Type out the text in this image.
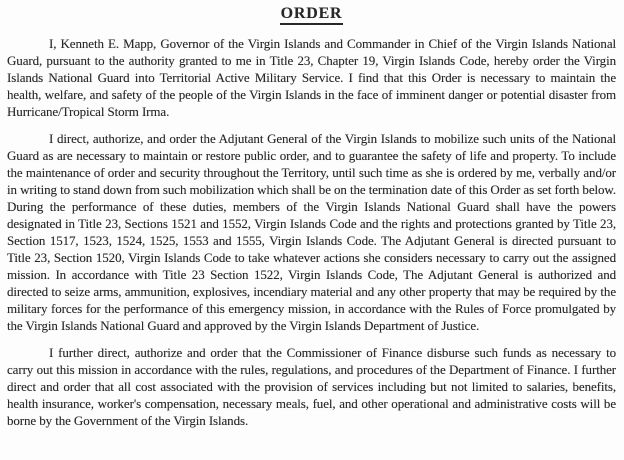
ORDER

I, Kenneth E. Mapp, Governor of the Virgin Islands and Commander in Chief of the Virgin Islands National Guard, pursuant to the authority granted to me in Title 23, Chapter 19, Virgin Islands Code, hereby order the Virgin Islands National Guard into Territorial Active Military Service. I find that this Order is necessary to maintain the health, welfare, and safety of the people of the Virgin Islands in the face of imminent danger or potential disaster from Hurricane/Tropical Storm Irma.

I direct, authorize, and order the Adjutant General of the Virgin Islands to mobilize such units of the National Guard as are necessary to maintain or restore public order, and to guarantee the safety of life and property. To include the maintenance of order and security throughout the Territory, until such time as she is ordered by me, verbally and/or in writing to stand down from such mobilization which shall be on the termination date of this Order as set forth below. During the performance of these duties, members of the Virgin Islands National Guard shall have the powers designated in Title 23, Sections 1521 and 1552, Virgin Islands Code and the rights and protections granted by Title 23, Section 1517, 1523, 1524, 1525, 1553 and 1555, Virgin Islands Code. The Adjutant General is directed pursuant to Title 23, Section 1520, Virgin Islands Code to take whatever actions she considers necessary to carry out the assigned mission. In accordance with Title 23 Section 1522, Virgin Islands Code, The Adjutant General is authorized and directed to seize arms, ammunition, explosives, incendiary material and any other property that may be required by the military forces for the performance of this emergency mission, in accordance with the Rules of Force promulgated by the Virgin Islands National Guard and approved by the Virgin Islands Department of Justice.

I further direct, authorize and order that the Commissioner of Finance disburse such funds as necessary to carry out this mission in accordance with the rules, regulations, and procedures of the Department of Finance. I further direct and order that all cost associated with the provision of services including but not limited to salaries, benefits, health insurance, worker's compensation, necessary meals, fuel, and other operational and administrative costs will be borne by the Government of the Virgin Islands.
